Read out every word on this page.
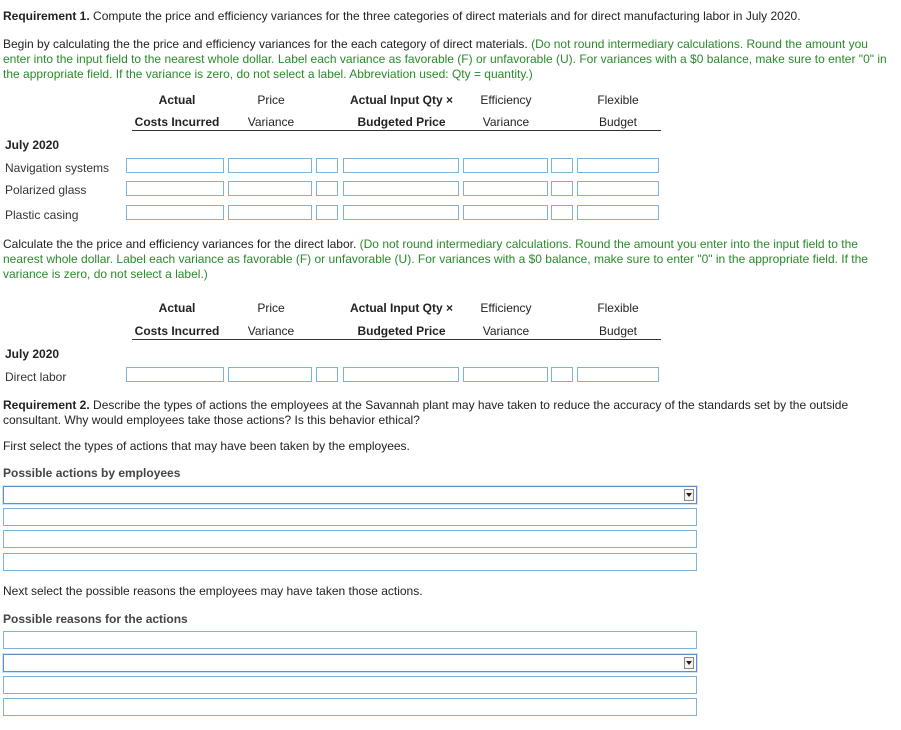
Requirement 1. Compute the price and efficiency variances for the three categories of direct materials and for direct manufacturing labor in July 2020.
Begin by calculating the the price and efficiency variances for the each category of direct materials. (Do not round intermediary calculations. Round the amount you enter into the input field to the nearest whole dollar. Label each variance as favorable (F) or unfavorable (U). For variances with a $0 balance, make sure to enter "0" in the appropriate field. If the variance is zero, do not select a label. Abbreviation used: Qty = quantity.)
Actual
Costs Incurred
Price
Variance
Actual Input Qty ×
Budgeted Price
Efficiency
Variance
Flexible
Budget
July 2020
Navigation systems
Polarized glass
Plastic casing
Calculate the the price and efficiency variances for the direct labor. (Do not round intermediary calculations. Round the amount you enter into the input field to the nearest whole dollar. Label each variance as favorable (F) or unfavorable (U). For variances with a $0 balance, make sure to enter "0" in the appropriate field. If the variance is zero, do not select a label.)
Actual
Costs Incurred
Price
Variance
Actual Input Qty ×
Budgeted Price
Efficiency
Variance
Flexible
Budget
July 2020
Direct labor
Requirement 2. Describe the types of actions the employees at the Savannah plant may have taken to reduce the accuracy of the standards set by the outside consultant. Why would employees take those actions? Is this behavior ethical?
First select the types of actions that may have been taken by the employees.
Possible actions by employees
Next select the possible reasons the employees may have taken those actions.
Possible reasons for the actions
